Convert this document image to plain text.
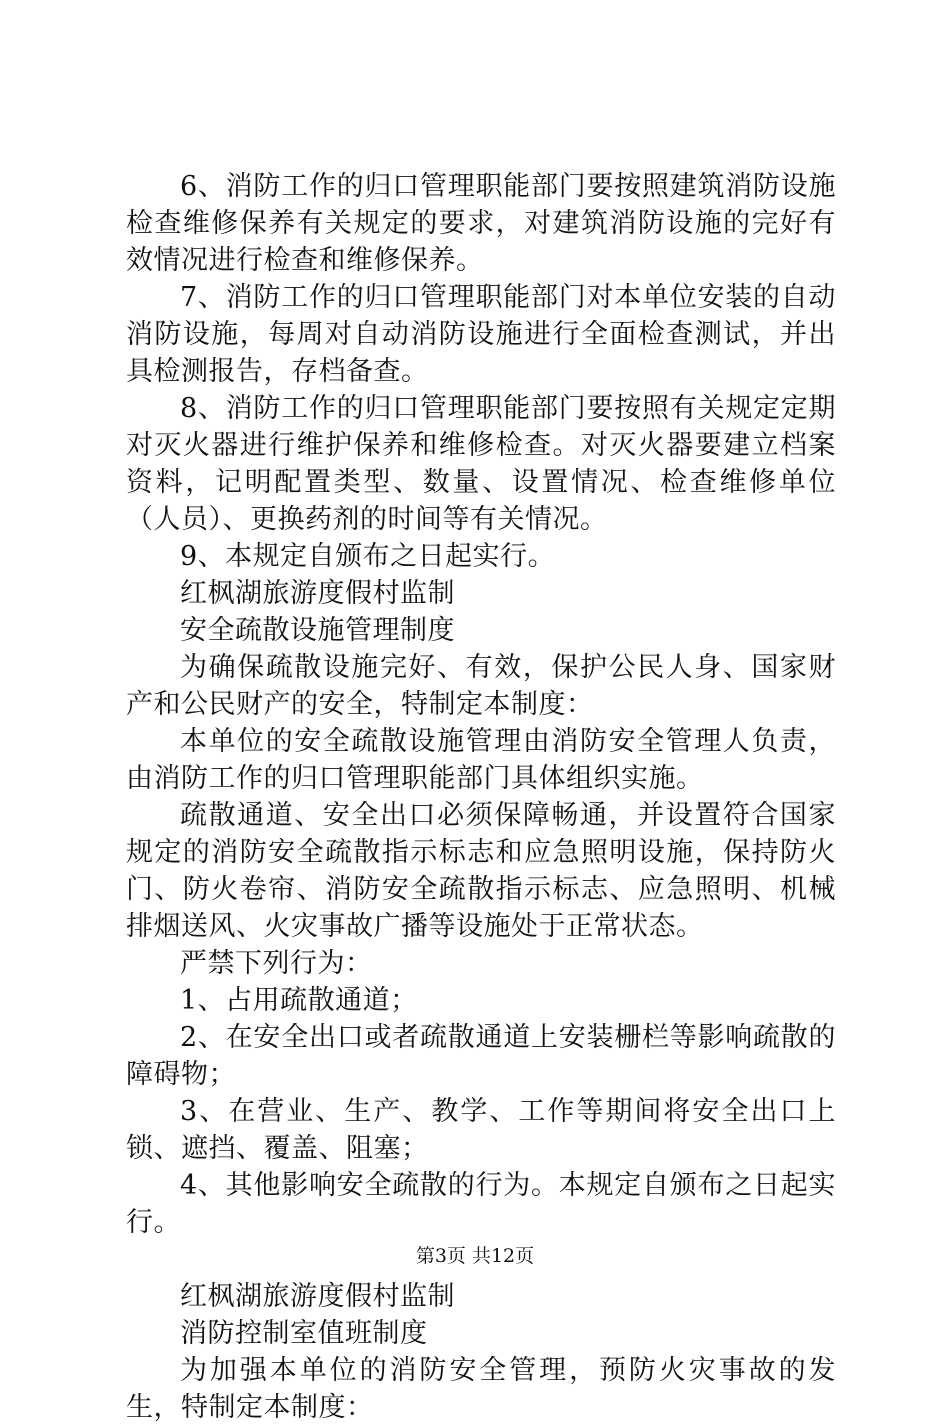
6、消防工作的归口管理职能部门要按照建筑消防设施检查维修保养有关规定的要求，对建筑消防设施的完好有效情况进行检查和维修保养。

7、消防工作的归口管理职能部门对本单位安装的自动消防设施，每周对自动消防设施进行全面检查测试，并出具检测报告，存档备查。

8、消防工作的归口管理职能部门要按照有关规定定期对灭火器进行维护保养和维修检查。对灭火器要建立档案资料，记明配置类型、数量、设置情况、检查维修单位（人员）、更换药剂的时间等有关情况。

9、本规定自颁布之日起实行。

红枫湖旅游度假村监制

安全疏散设施管理制度

为确保疏散设施完好、有效，保护公民人身、国家财产和公民财产的安全，特制定本制度：

本单位的安全疏散设施管理由消防安全管理人负责，由消防工作的归口管理职能部门具体组织实施。

疏散通道、安全出口必须保障畅通，并设置符合国家规定的消防安全疏散指示标志和应急照明设施，保持防火门、防火卷帘、消防安全疏散指示标志、应急照明、机械排烟送风、火灾事故广播等设施处于正常状态。

严禁下列行为：

1、占用疏散通道；

2、在安全出口或者疏散通道上安装栅栏等影响疏散的障碍物；

3、在营业、生产、教学、工作等期间将安全出口上锁、遮挡、覆盖、阻塞；

4、其他影响安全疏散的行为。本规定自颁布之日起实行。

红枫湖旅游度假村监制

消防控制室值班制度

为加强本单位的消防安全管理，预防火灾事故的发生，特制定本制度：

第3页 共12页
